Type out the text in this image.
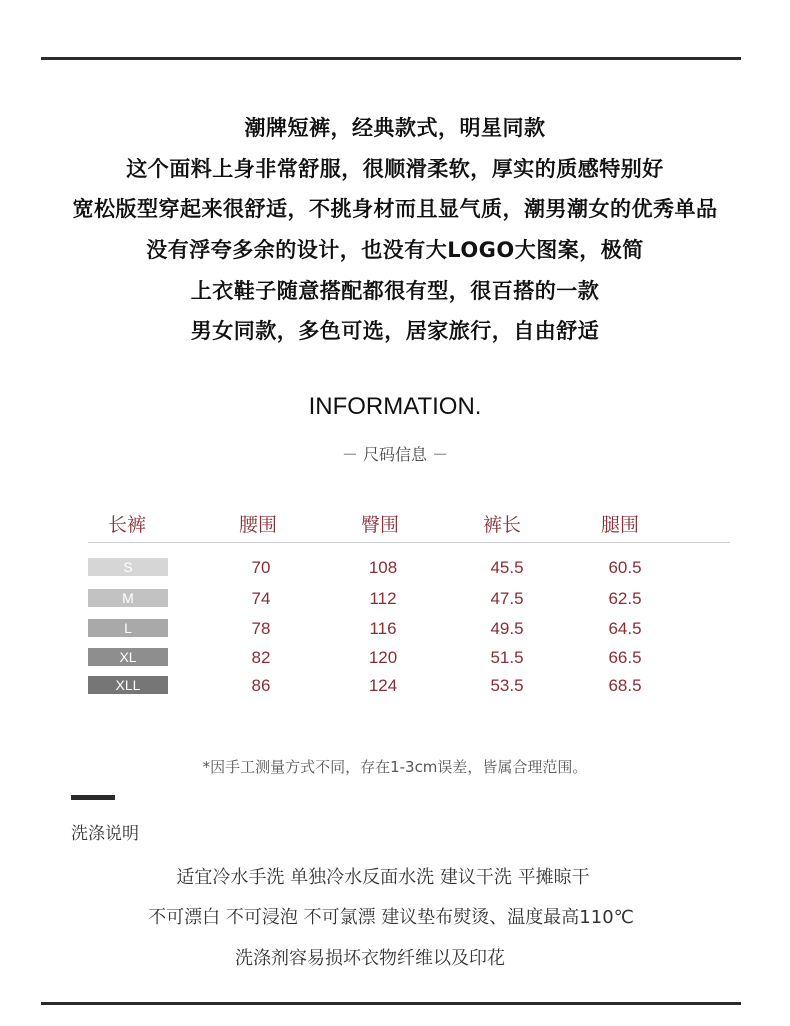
潮牌短裤，经典款式，明星同款
这个面料上身非常舒服，很顺滑柔软，厚实的质感特别好
宽松版型穿起来很舒适，不挑身材而且显气质，潮男潮女的优秀单品
没有浮夸多余的设计，也没有大LOGO大图案，极简
上衣鞋子随意搭配都很有型，很百搭的一款
男女同款，多色可选，居家旅行，自由舒适
INFORMATION.
－ 尺码信息 －
长裤	腰围	臀围	裤长	腿围
S	70	108	45.5	60.5
M	74	112	47.5	62.5
L	78	116	49.5	64.5
XL	82	120	51.5	66.5
XLL	86	124	53.5	68.5
*因手工测量方式不同，存在1-3cm误差，皆属合理范围。
洗涤说明
适宜冷水手洗 单独冷水反面水洗 建议干洗 平摊晾干
不可漂白 不可浸泡 不可氯漂 建议垫布熨烫、温度最高110℃
洗涤剂容易损坏衣物纤维以及印花
